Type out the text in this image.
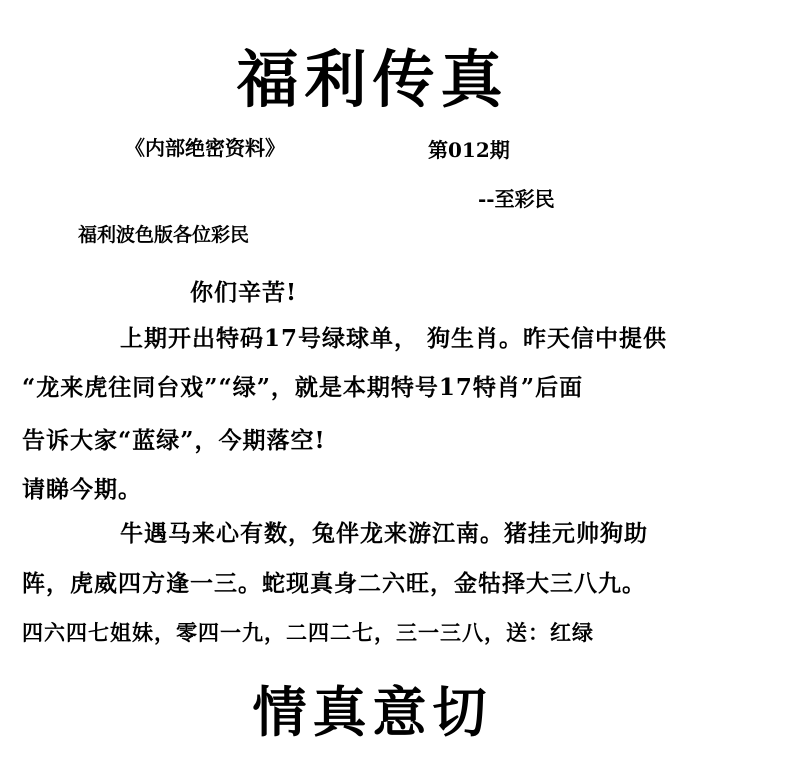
福利传真
《内部绝密资料》	第012期
--至彩民
福利波色版各位彩民
你们辛苦!
上期开出特码17号绿球单， 狗生肖。昨天信中提供
“龙来虎往同台戏”“绿”，就是本期特号17特肖”后面
告诉大家“蓝绿”，今期落空!
请睇今期。
牛遇马来心有数，兔伴龙来游江南。猪挂元帅狗助
阵，虎威四方逢一三。蛇现真身二六旺，金牯择大三八九。
四六四七姐妹，零四一九，二四二七，三一三八，送：红绿
情真意切
